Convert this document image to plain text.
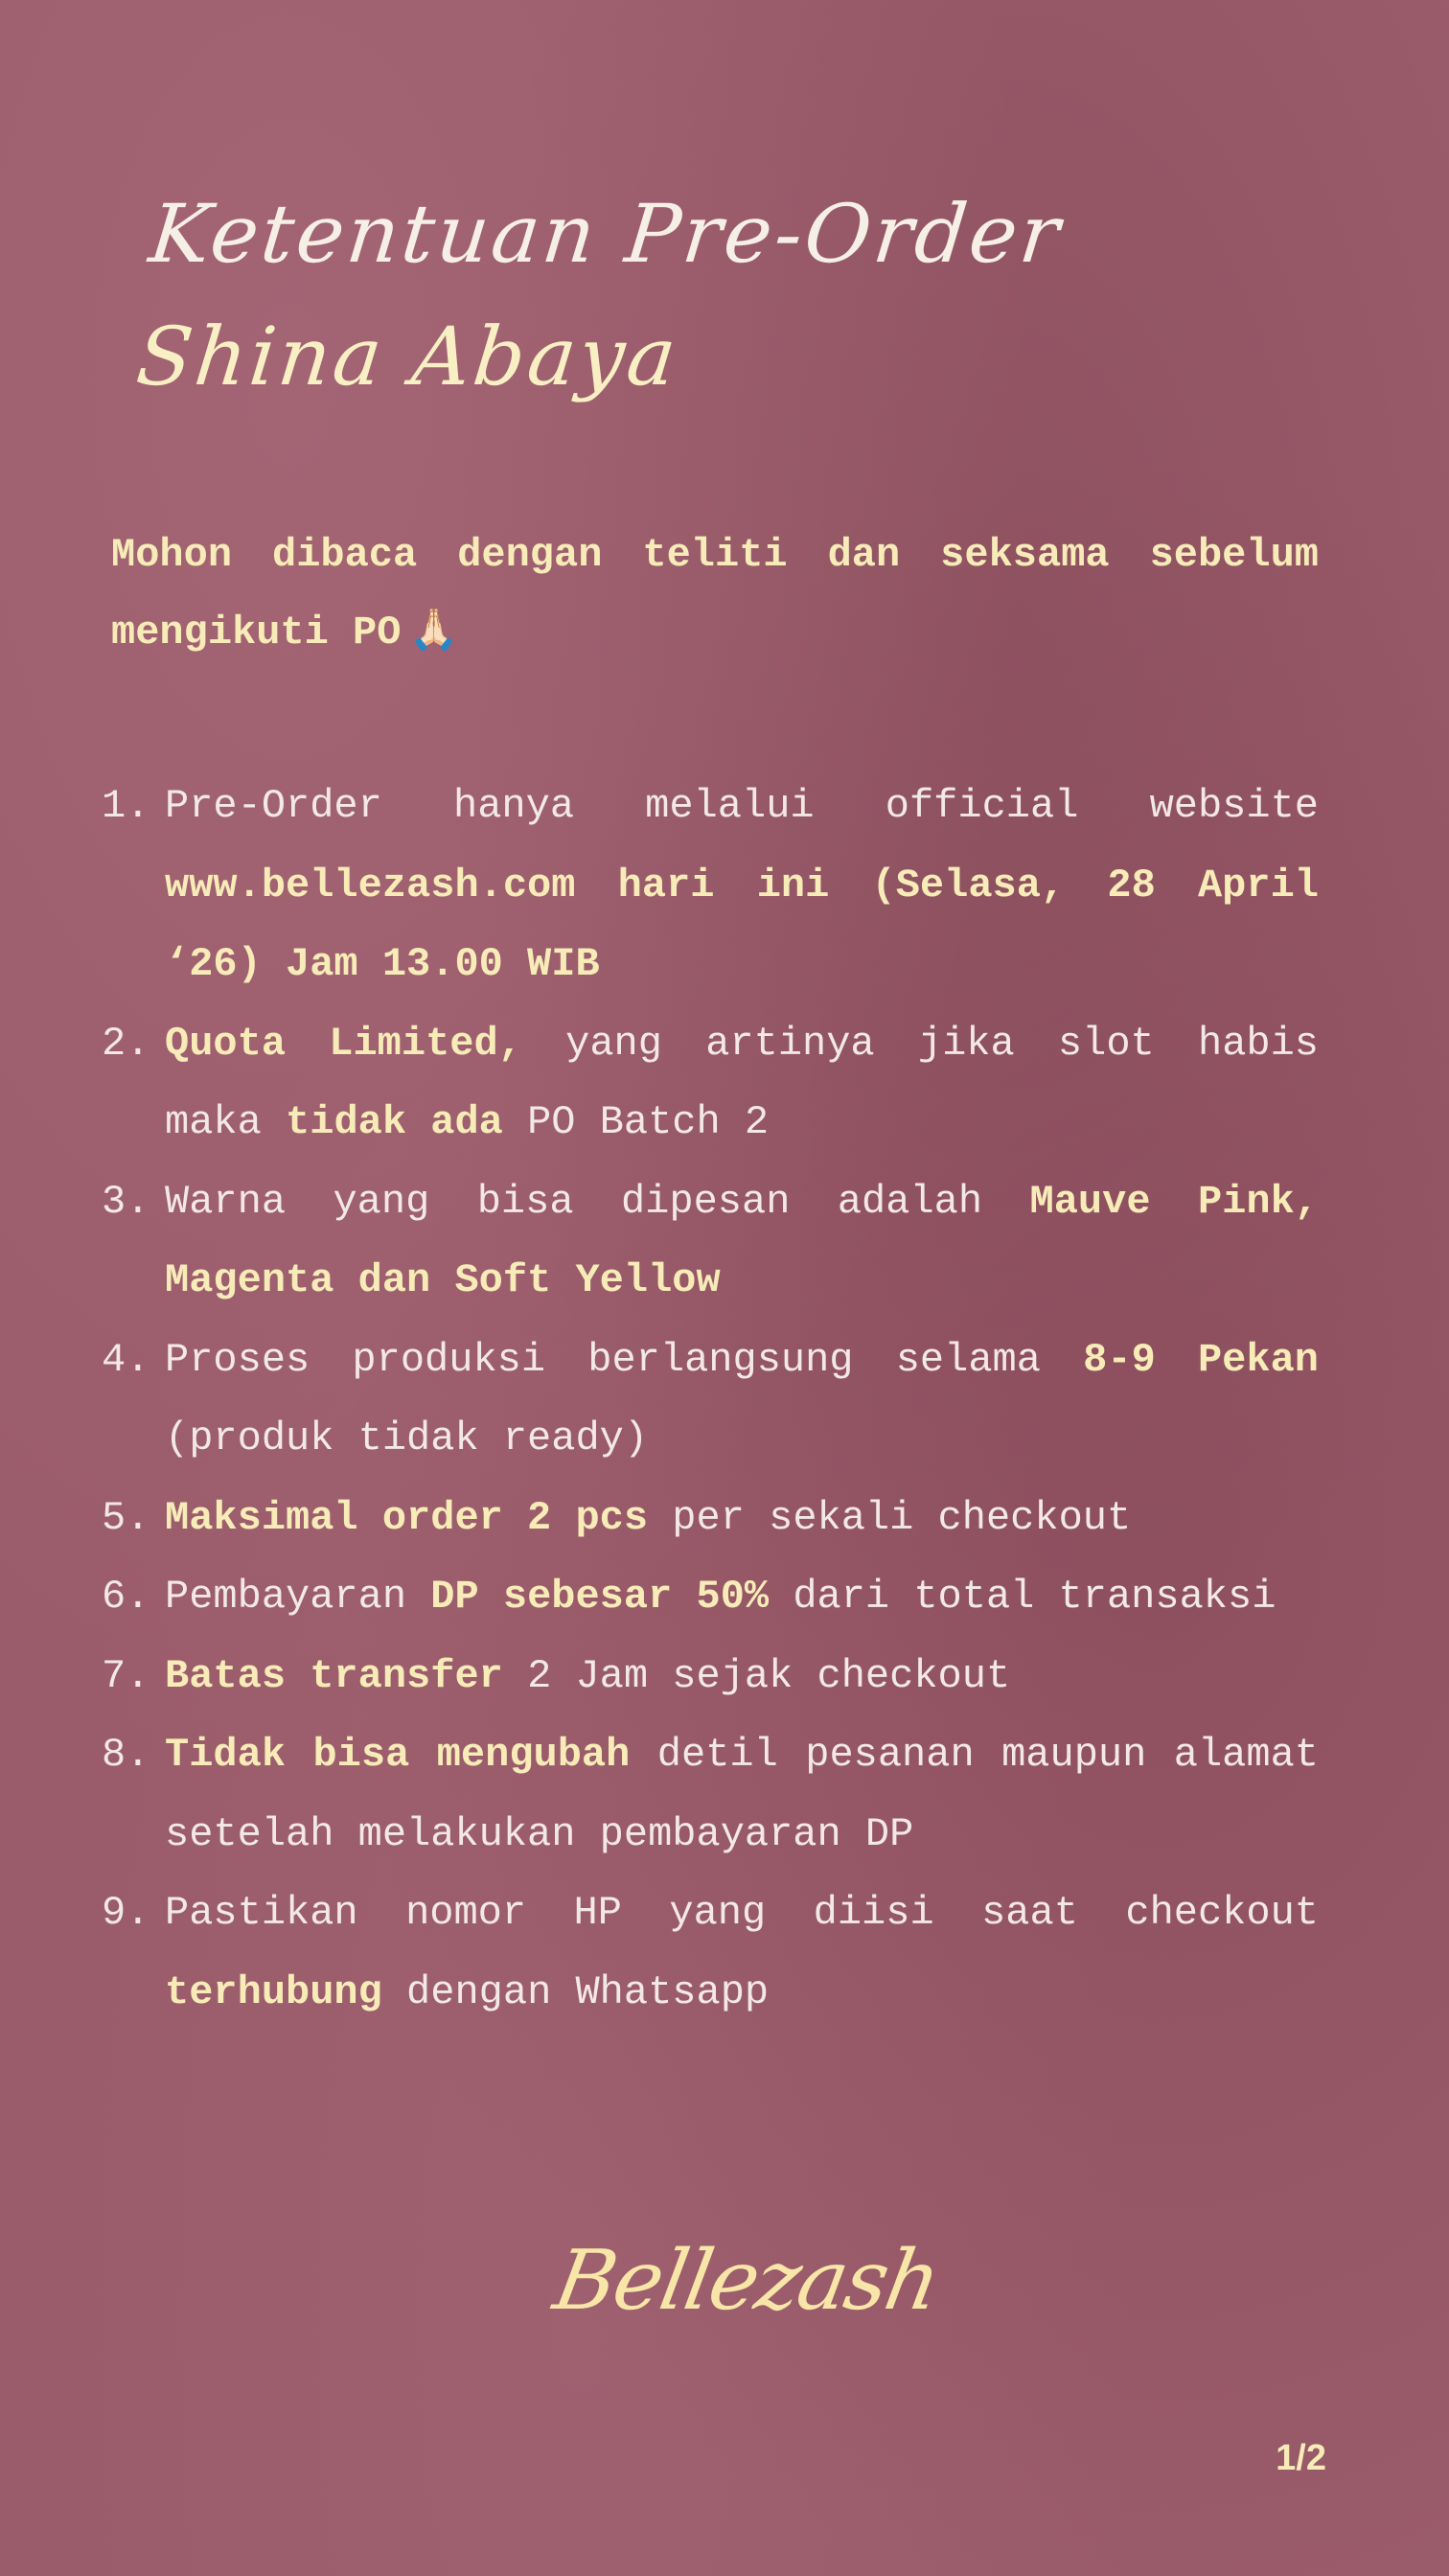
Ketentuan Pre-Order
Shina Abaya
Mohon dibaca dengan teliti dan seksama sebelum mengikuti PO 🙏🏻
1. Pre-Order hanya melalui official website www.bellezash.com hari ini (Selasa, 28 April ‘26) Jam 13.00 WIB
2. Quota Limited, yang artinya jika slot habis maka tidak ada PO Batch 2
3. Warna yang bisa dipesan adalah Mauve Pink, Magenta dan Soft Yellow
4. Proses produksi berlangsung selama 8-9 Pekan (produk tidak ready)
5. Maksimal order 2 pcs per sekali checkout
6. Pembayaran DP sebesar 50% dari total transaksi
7. Batas transfer 2 Jam sejak checkout
8. Tidak bisa mengubah detil pesanan maupun alamat setelah melakukan pembayaran DP
9. Pastikan nomor HP yang diisi saat checkout terhubung dengan Whatsapp
Bellezash
1/2
